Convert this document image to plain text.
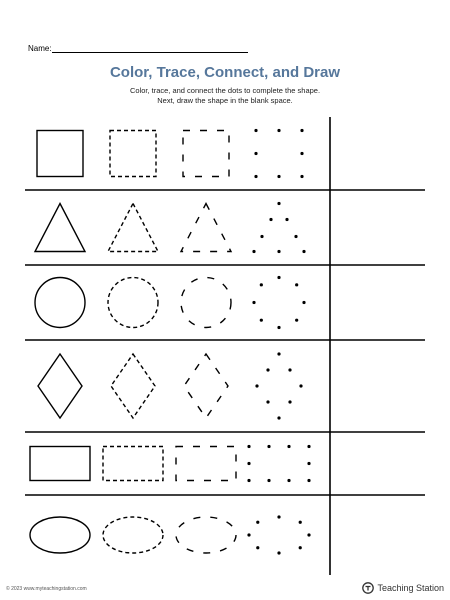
Name:
Color, Trace, Connect, and Draw
Color, trace, and connect the dots to complete the shape.
Next, draw the shape in the blank space.
© 2023 www.myteachingstation.com	Teaching Station
